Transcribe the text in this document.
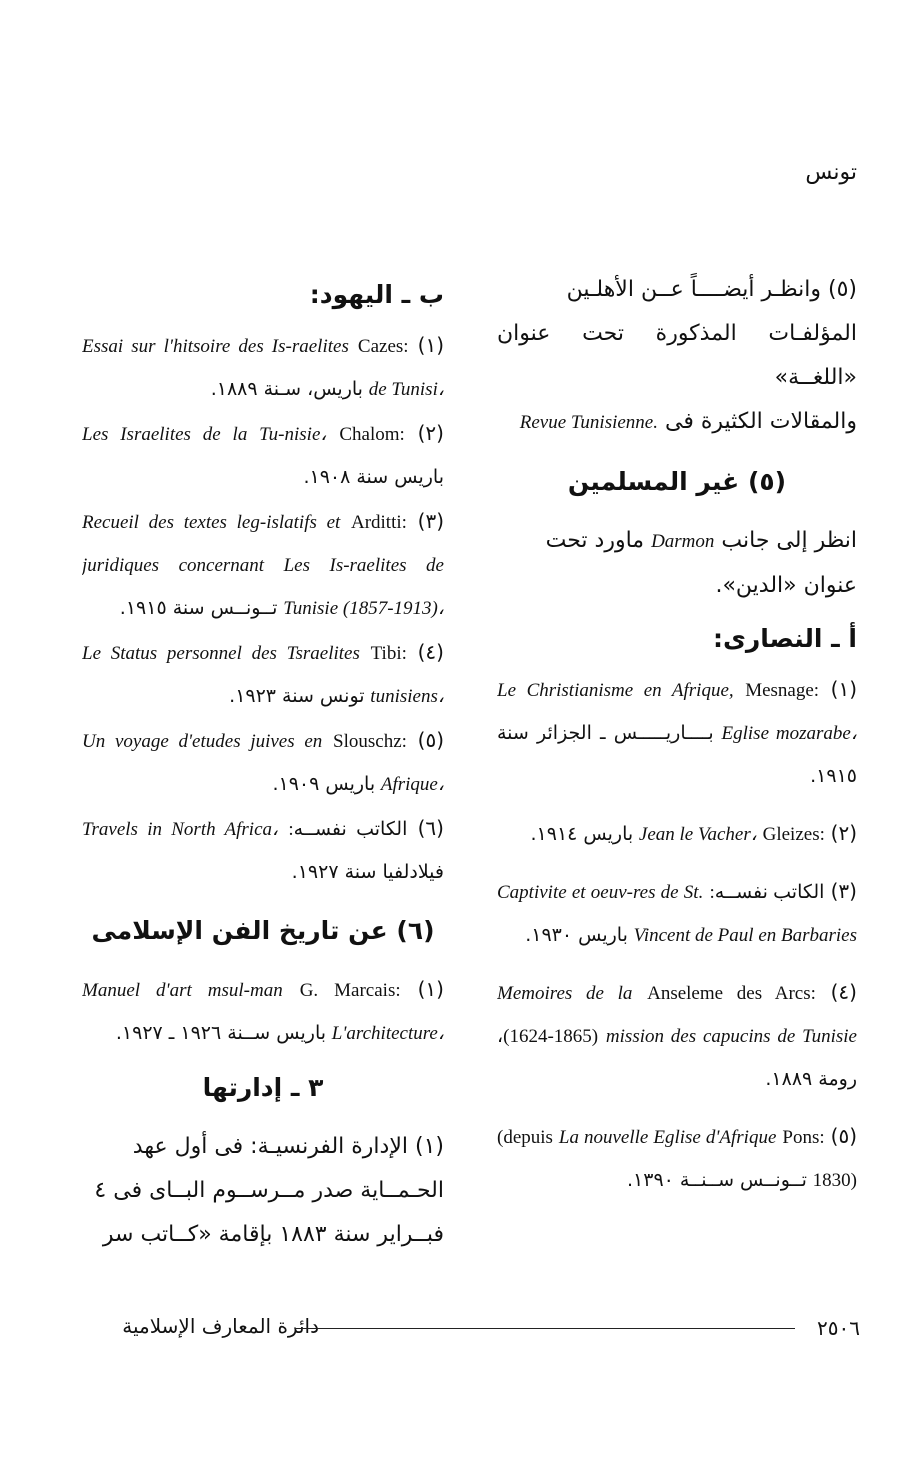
تونس

(٥) وانظـر أيضــــاً عــن الأهلـين

المؤلفـات المذكورة تحت عنوان «اللغــة»

والمقالات الكثيرة فى Revue Tunisienne.

(٥) غير المسلمين

انظر إلى جانب Darmon ماورد تحت

عنوان «الدين».

أ ـ النصارى:

(١) Mesnage: Le Christianisme en Afrique, Eglise mozarabe، بــــاريـــــس ـ الجزائر سنة ١٩١٥.

(٢) Gleizes: Jean le Vacher، باريس ١٩١٤.

(٣) الكاتب نفســه: Captivite et oeuv-res de St. Vincent de Paul en Barbaries باريس ١٩٣٠.

(٤) Anseleme des Arcs: Memoires de la mission des capucins de Tunisie (1624-1865)، رومة ١٨٨٩.

(٥) Pons: La nouvelle Eglise d'Afrique (depuis 1830) تــونــس ســنــة ١٣٩٠.

ب ـ اليهود:

(١) Cazes: Essai sur l'hitsoire des Is-raelites de Tunisi، باريس، سـنة ١٨٨٩.

(٢) Chalom: Les Israelites de la Tu-nisie، باريس سنة ١٩٠٨.

(٣) Arditti: Recueil des textes leg-islatifs et juridiques concernant Les Is-raelites de Tunisie (1857-1913)، تــونــس سنة ١٩١٥.

(٤) Tibi: Le Status personnel des Tsraelites tunisiens، تونس سنة ١٩٢٣.

(٥) Slouschz: Un voyage d'etudes juives en Afrique، باريس ١٩٠٩.

(٦) الكاتب نفســه: Travels in North Africa، فيلادلفيا سنة ١٩٢٧.

(٦) عن تاريخ الفن الإسلامى

(١) G. Marcais: Manuel d'art msul-man L'architecture، باريس ســنة ١٩٢٦ ـ ١٩٢٧.

٣ ـ إدارتها

(١) الإدارة الفرنسيـة: فى أول عهد

الحـمــاية صدر مــرســوم البــاى فى ٤

فبــراير سنة ١٨٨٣ بإقامة «كــاتب سر

دائرة المعارف الإسلامية	٢٥٠٦
